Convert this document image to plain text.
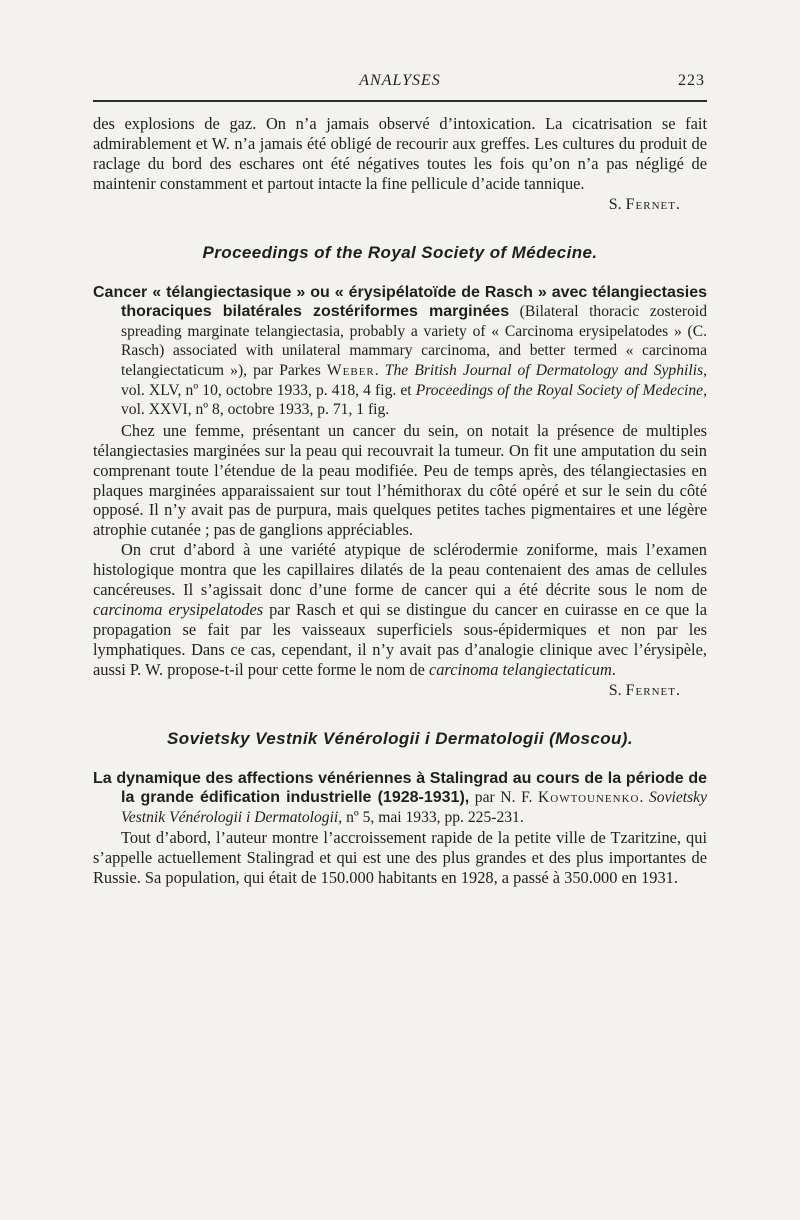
ANALYSES	223

des explosions de gaz. On n’a jamais observé d’intoxication. La cicatrisation se fait admirablement et W. n’a jamais été obligé de recourir aux greffes. Les cultures du produit de raclage du bord des eschares ont été négatives toutes les fois qu’on n’a pas négligé de maintenir constamment et partout intacte la fine pellicule d’acide tannique.

S. Fernet.
Proceedings of the Royal Society of Médecine.
Cancer « télangiectasique » ou « érysipélatoïde de Rasch » avec télangiectasies thoraciques bilatérales zostériformes marginées (Bilateral thoracic zosteroid spreading marginate telangiectasia, probably a variety of « Carcinoma erysipelatodes » (C. Rasch) associated with unilateral mammary carcinoma, and better termed « carcinoma telangiectaticum »), par Parkes Weber. The British Journal of Dermatology and Syphilis, vol. XLV, nº 10, octobre 1933, p. 418, 4 fig. et Proceedings of the Royal Society of Medecine, vol. XXVI, nº 8, octobre 1933, p. 71, 1 fig.

Chez une femme, présentant un cancer du sein, on notait la présence de multiples télangiectasies marginées sur la peau qui recouvrait la tumeur. On fit une amputation du sein comprenant toute l’étendue de la peau modifiée. Peu de temps après, des télangiectasies en plaques marginées apparaissaient sur tout l’hémithorax du côté opéré et sur le sein du côté opposé. Il n’y avait pas de purpura, mais quelques petites taches pigmentaires et une légère atrophie cutanée ; pas de ganglions appréciables.

On crut d’abord à une variété atypique de sclérodermie zoniforme, mais l’examen histologique montra que les capillaires dilatés de la peau contenaient des amas de cellules cancéreuses. Il s’agissait donc d’une forme de cancer qui a été décrite sous le nom de carcinoma erysipelatodes par Rasch et qui se distingue du cancer en cuirasse en ce que la propagation se fait par les vaisseaux superficiels sous-épidermiques et non par les lymphatiques. Dans ce cas, cependant, il n’y avait pas d’analogie clinique avec l’érysipèle, aussi P. W. propose-t-il pour cette forme le nom de carcinoma telangiectaticum.

S. Fernet.
Sovietsky Vestnik Vénérologii i Dermatologii (Moscou).
La dynamique des affections vénériennes à Stalingrad au cours de la période de la grande édification industrielle (1928-1931), par N. F. Kowtounenko. Sovietsky Vestnik Vénérologii i Dermatologii, nº 5, mai 1933, pp. 225-231.

Tout d’abord, l’auteur montre l’accroissement rapide de la petite ville de Tzaritzine, qui s’appelle actuellement Stalingrad et qui est une des plus grandes et des plus importantes de Russie. Sa population, qui était de 150.000 habitants en 1928, a passé à 350.000 en 1931.
